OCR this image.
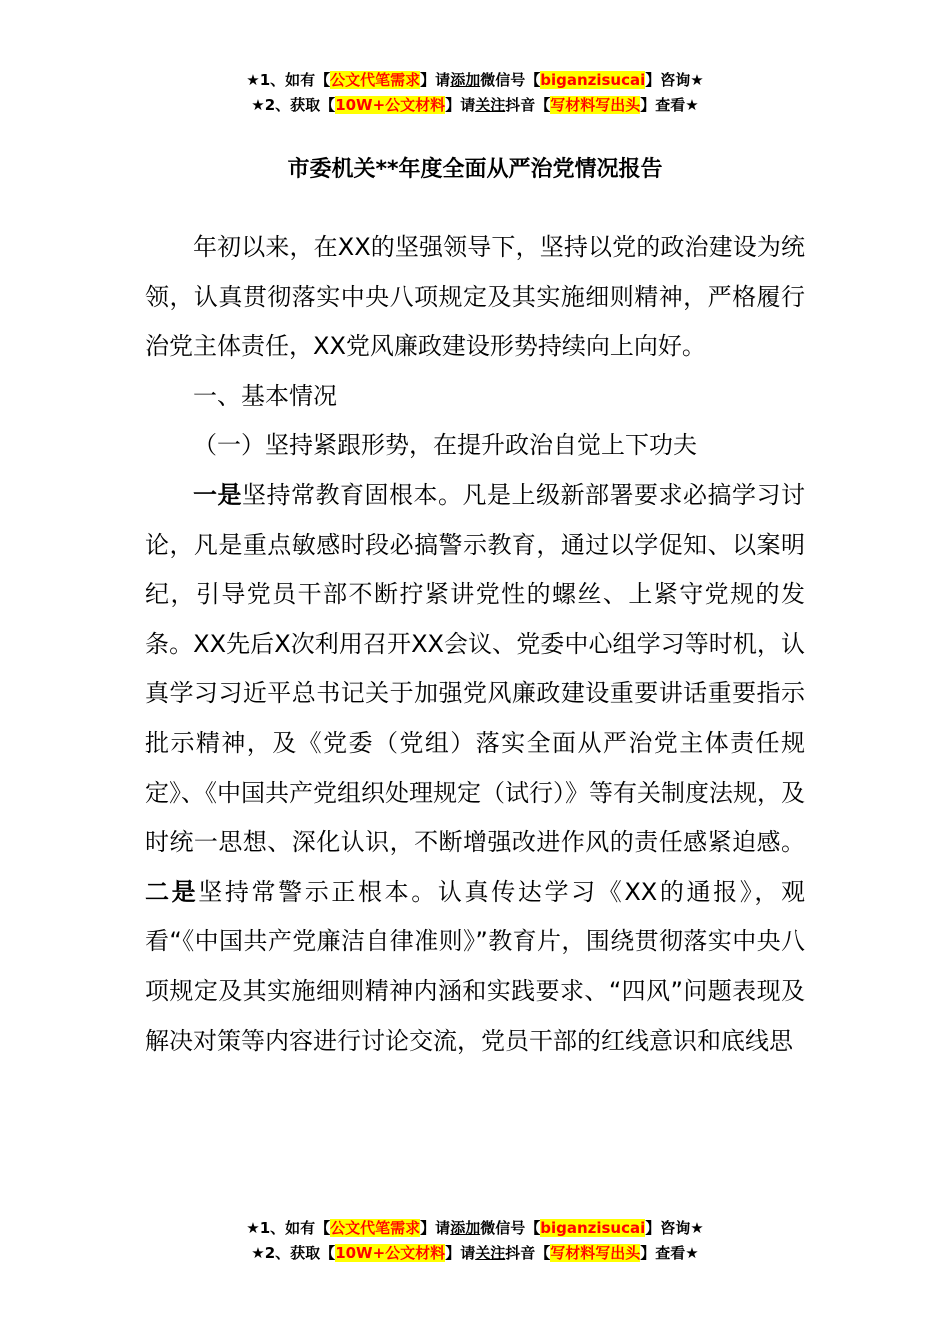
★1、如有【公文代笔需求】请添加微信号【biganzisucai】咨询★
★2、获取【10W+公文材料】请关注抖音【写材料写出头】查看★
市委机关**年度全面从严治党情况报告

年初以来，在XX的坚强领导下，坚持以党的政治建设为统领，认真贯彻落实中央八项规定及其实施细则精神，严格履行治党主体责任，XX党风廉政建设形势持续向上向好。

一、基本情况

（一）坚持紧跟形势，在提升政治自觉上下功夫

一是坚持常教育固根本。凡是上级新部署要求必搞学习讨论，凡是重点敏感时段必搞警示教育，通过以学促知、以案明纪，引导党员干部不断拧紧讲党性的螺丝、上紧守党规的发条。XX先后X次利用召开XX会议、党委中心组学习等时机，认真学习习近平总书记关于加强党风廉政建设重要讲话重要指示批示精神，及《党委（党组）落实全面从严治党主体责任规定》、《中国共产党组织处理规定（试行）》等有关制度法规，及时统一思想、深化认识，不断增强改进作风的责任感紧迫感。二是坚持常警示正根本。认真传达学习《XX的通报》，观看“《中国共产党廉洁自律准则》”教育片，围绕贯彻落实中央八项规定及其实施细则精神内涵和实践要求、“四风”问题表现及解决对策等内容进行讨论交流，党员干部的红线意识和底线思

★1、如有【公文代笔需求】请添加微信号【biganzisucai】咨询★
★2、获取【10W+公文材料】请关注抖音【写材料写出头】查看★
